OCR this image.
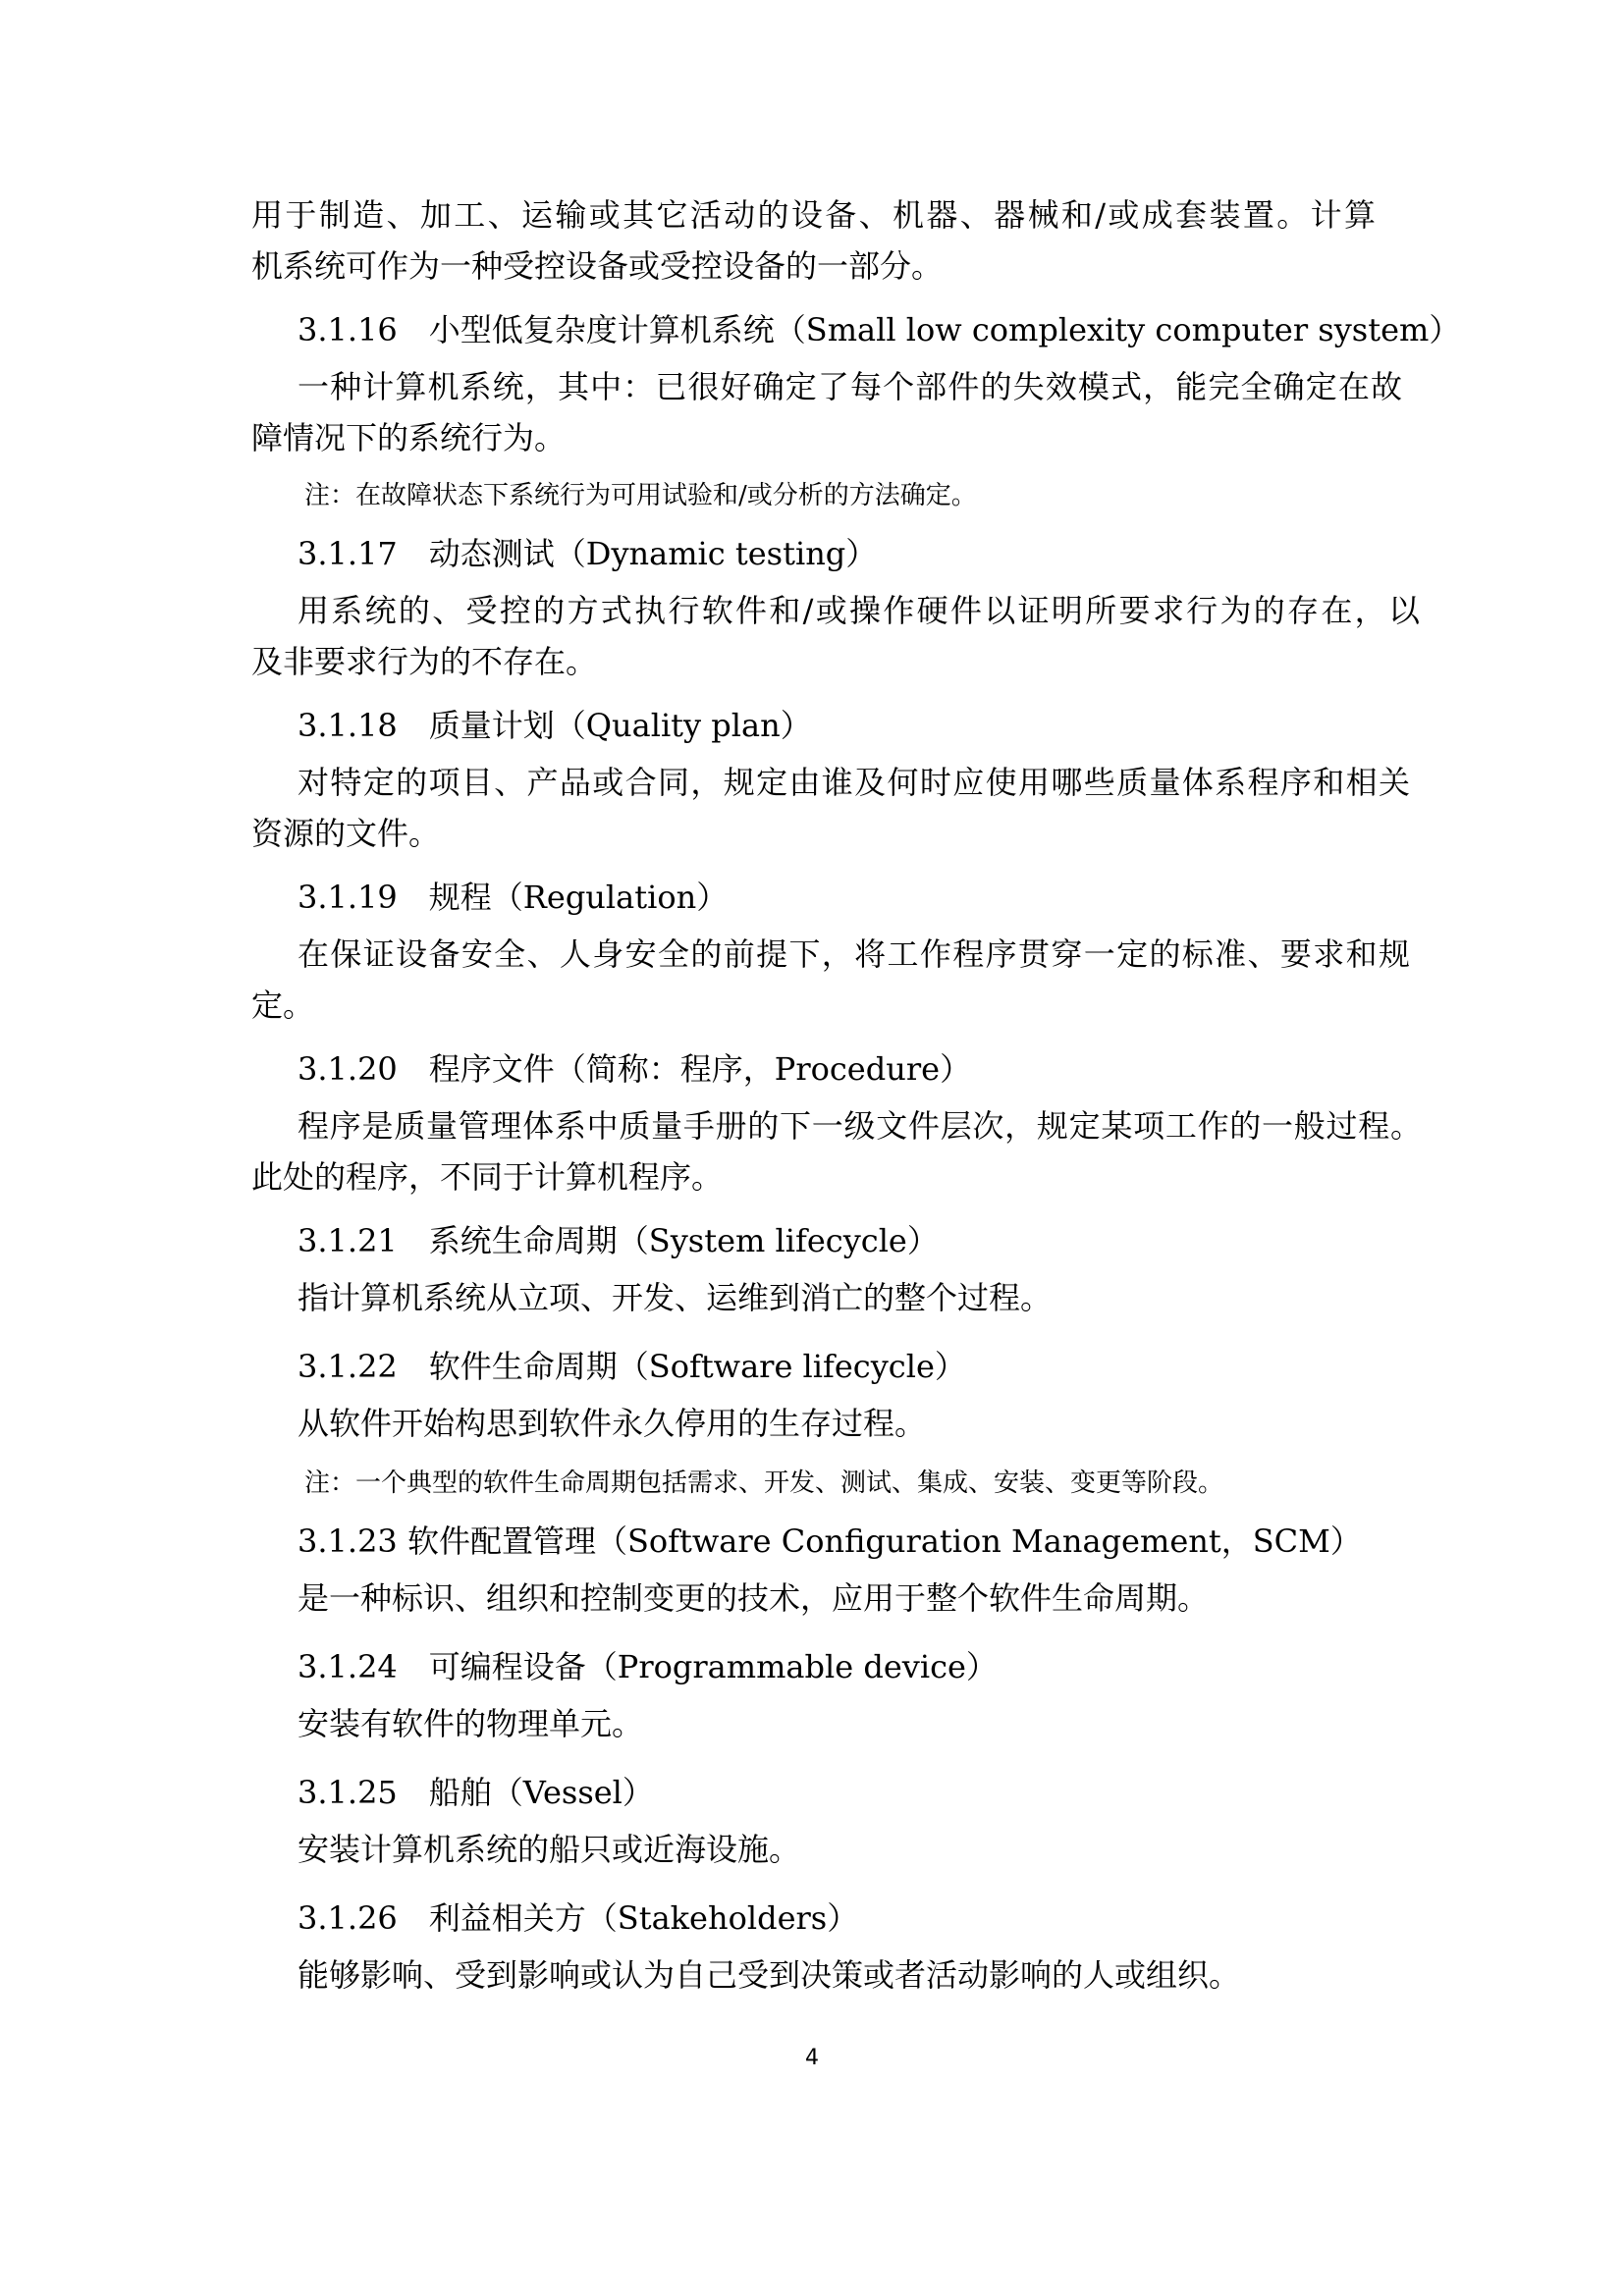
用于制造、加工、运输或其它活动的设备、机器、器械和/或成套装置。计算

机系统可作为一种受控设备或受控设备的一部分。

3.1.16　小型低复杂度计算机系统（Small low complexity computer system）

一种计算机系统，其中：已很好确定了每个部件的失效模式，能完全确定在故

障情况下的系统行为。

注：在故障状态下系统行为可用试验和/或分析的方法确定。

3.1.17　动态测试（Dynamic testing）

用系统的、受控的方式执行软件和/或操作硬件以证明所要求行为的存在，以

及非要求行为的不存在。

3.1.18　质量计划（Quality plan）

对特定的项目、产品或合同，规定由谁及何时应使用哪些质量体系程序和相关

资源的文件。

3.1.19　规程（Regulation）

在保证设备安全、人身安全的前提下，将工作程序贯穿一定的标准、要求和规

定。

3.1.20　程序文件（简称：程序，Procedure）

程序是质量管理体系中质量手册的下一级文件层次，规定某项工作的一般过程。

此处的程序，不同于计算机程序。

3.1.21　系统生命周期（System lifecycle）

指计算机系统从立项、开发、运维到消亡的整个过程。

3.1.22　软件生命周期（Software lifecycle）

从软件开始构思到软件永久停用的生存过程。

注：一个典型的软件生命周期包括需求、开发、测试、集成、安装、变更等阶段。

3.1.23 软件配置管理（Software Configuration Management，SCM）

是一种标识、组织和控制变更的技术，应用于整个软件生命周期。

3.1.24　可编程设备（Programmable device）

安装有软件的物理单元。

3.1.25　船舶（Vessel）

安装计算机系统的船只或近海设施。

3.1.26　利益相关方（Stakeholders）

能够影响、受到影响或认为自己受到决策或者活动影响的人或组织。

4
